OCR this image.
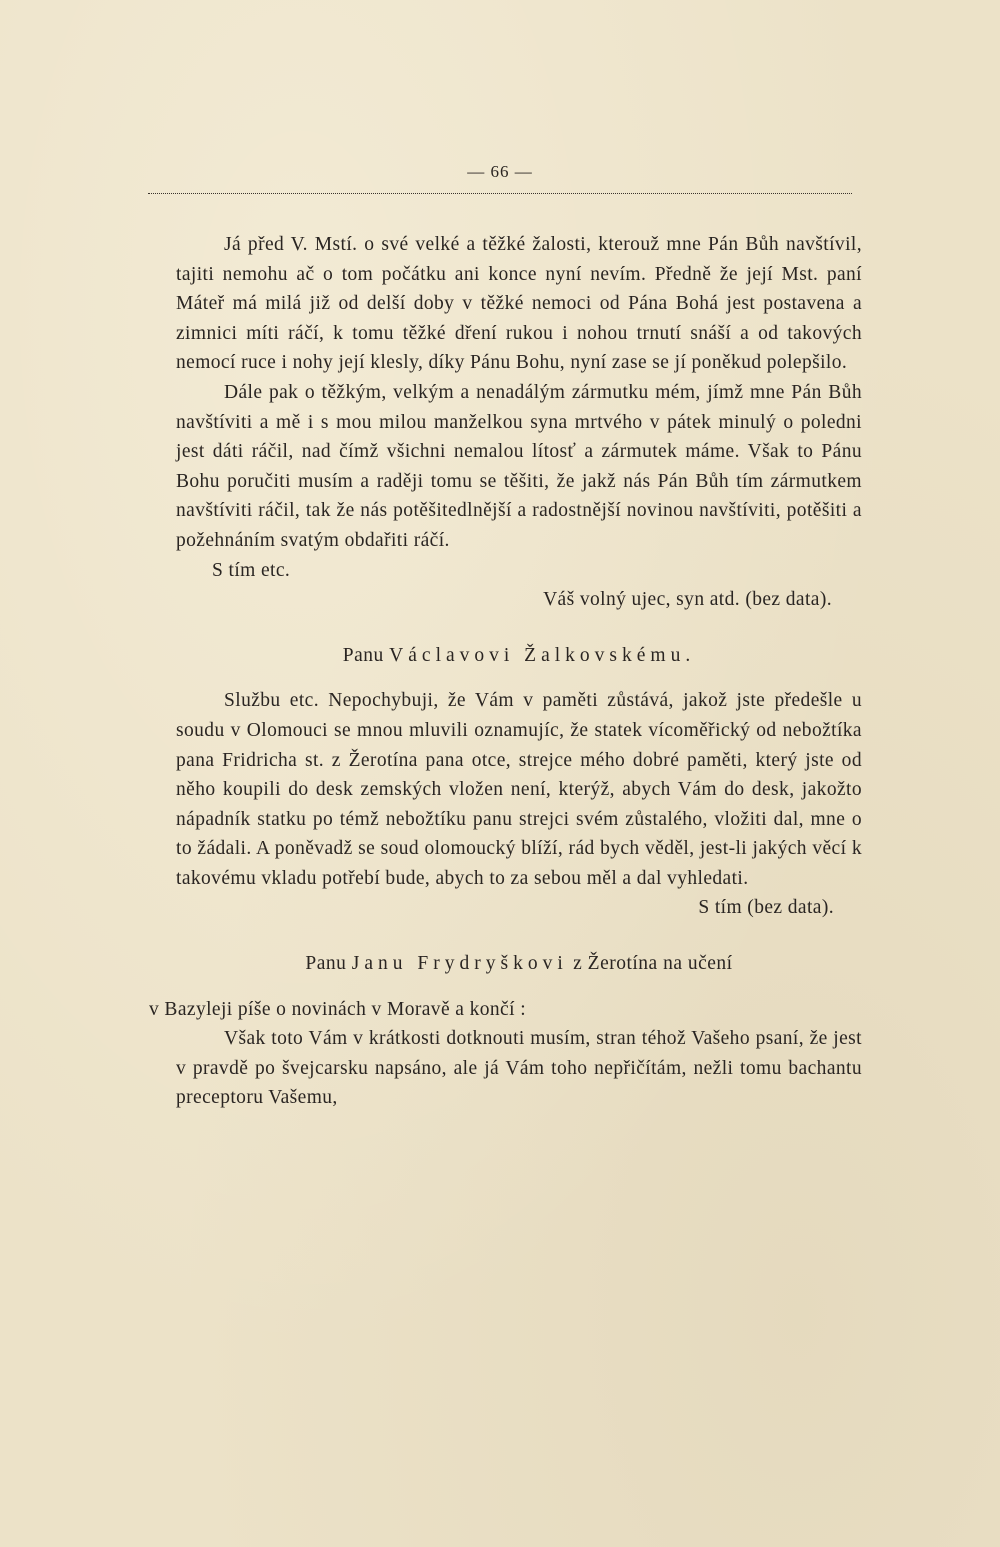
— 66 —

Já před V. Mstí. o své velké a těžké žalosti, kterouž mne Pán Bůh navštívil, tajiti nemohu ač o tom počátku ani konce nyní nevím. Předně že její Mst. paní Máteř má milá již od delší doby v těžké nemoci od Pána Bohá jest postavena a zimnici míti ráčí, k tomu těžké dření rukou i nohou trnutí snáší a od takových nemocí ruce i nohy její klesly, díky Pánu Bohu, nyní zase se jí poněkud polepšilo.

Dále pak o těžkým, velkým a nenadálým zármutku mém, jímž mne Pán Bůh navštíviti a mě i s mou milou manželkou syna mrtvého v pátek minulý o poledni jest dáti ráčil, nad čímž všichni nemalou lítosť a zármutek máme. Však to Pánu Bohu poručiti musím a raději tomu se těšiti, že jakž nás Pán Bůh tím zármutkem navštíviti ráčil, tak že nás potěšitedlnější a radostnější novinou navštíviti, potěšiti a požehnáním svatým obdařiti ráčí.

S tím etc.

Váš volný ujec, syn atd. (bez data).

Panu Václavovi Žalkovskému.

Službu etc. Nepochybuji, že Vám v paměti zůstává, jakož jste předešle u soudu v Olomouci se mnou mluvili oznamujíc, že statek vícoměřický od nebožtíka pana Fridricha st. z Žerotína pana otce, strejce mého dobré paměti, který jste od něho koupili do desk zemských vložen není, kterýž, abych Vám do desk, jakožto nápadník statku po témž nebožtíku panu strejci svém zůstalého, vložiti dal, mne o to žádali. A poněvadž se soud olomoucký blíží, rád bych věděl, jest-li jakých věcí k takovému vkladu potřebí bude, abych to za sebou měl a dal vyhledati.

S tím (bez data).

Panu Janu Frydryškovi z Žerotína na učení

v Bazyleji píše o novinách v Moravě a končí :

Však toto Vám v krátkosti dotknouti musím, stran téhož Vašeho psaní, že jest v pravdě po švejcarsku napsáno, ale já Vám toho nepřičítám, nežli tomu bachantu preceptoru Vašemu,
